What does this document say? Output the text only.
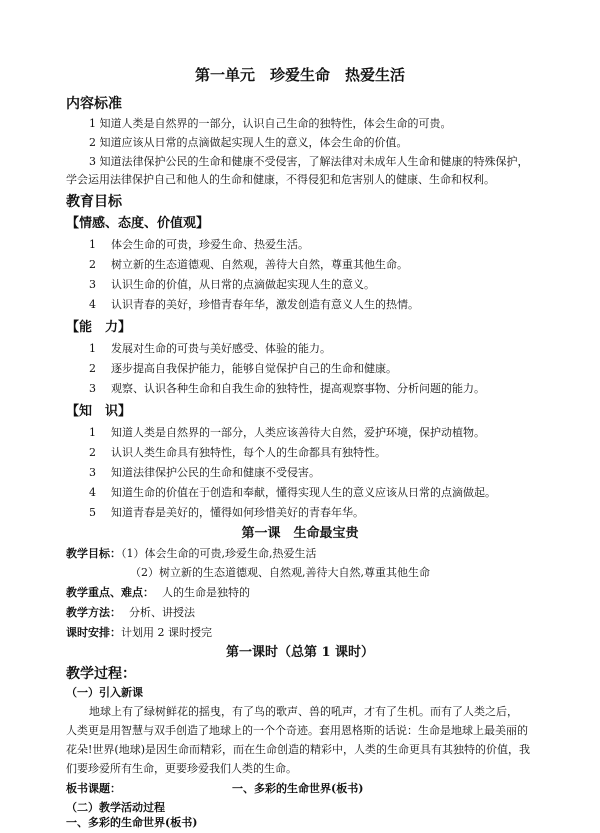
第一单元　珍爱生命　热爱生活
内容标准
1 知道人类是自然界的一部分，认识自己生命的独特性，体会生命的可贵。
2 知道应该从日常的点滴做起实现人生的意义，体会生命的价值。
3 知道法律保护公民的生命和健康不受侵害，了解法律对未成年人生命和健康的特殊保护，
学会运用法律保护自己和他人的生命和健康，不得侵犯和危害别人的健康、生命和权利。
教育目标
【情感、态度、价值观】
1 体会生命的可贵，珍爱生命、热爱生活。
2 树立新的生态道德观、自然观，善待大自然，尊重其他生命。
3 认识生命的价值，从日常的点滴做起实现人生的意义。
4 认识青春的美好，珍惜青春年华，激发创造有意义人生的热情。
【能　力】
1 发展对生命的可贵与美好感受、体验的能力。
2 逐步提高自我保护能力，能够自觉保护自己的生命和健康。
3 观察、认识各种生命和自我生命的独特性，提高观察事物、分析问题的能力。
【知　识】
1 知道人类是自然界的一部分，人类应该善待大自然，爱护环境，保护动植物。
2 认识人类生命具有独特性，每个人的生命都具有独特性。
3 知道法律保护公民的生命和健康不受侵害。
4 知道生命的价值在于创造和奉献，懂得实现人生的意义应该从日常的点滴做起。
5 知道青春是美好的，懂得如何珍惜美好的青春年华。
第一课　生命最宝贵
教学目标：（1）体会生命的可贵,珍爱生命,热爱生活
（2）树立新的生态道德观、自然观,善待大自然,尊重其他生命
教学重点、难点： 人的生命是独特的
教学方法： 分析、讲授法
课时安排：计划用 2 课时授完
第一课时（总第 1 课时）
教学过程：
（一）引入新课
地球上有了绿树鲜花的摇曳，有了鸟的歌声、兽的吼声，才有了生机。而有了人类之后，
人类更是用智慧与双手创造了地球上的一个个奇迹。套用恩格斯的话说：生命是地球上最美丽的
花朵!世界(地球)是因生命而精彩，而在生命创造的精彩中，人类的生命更具有其独特的价值，我
们要珍爱所有生命，更要珍爱我们人类的生命。
板书课题：	一、多彩的生命世界(板书)
（二）教学活动过程
一、多彩的生命世界(板书)
